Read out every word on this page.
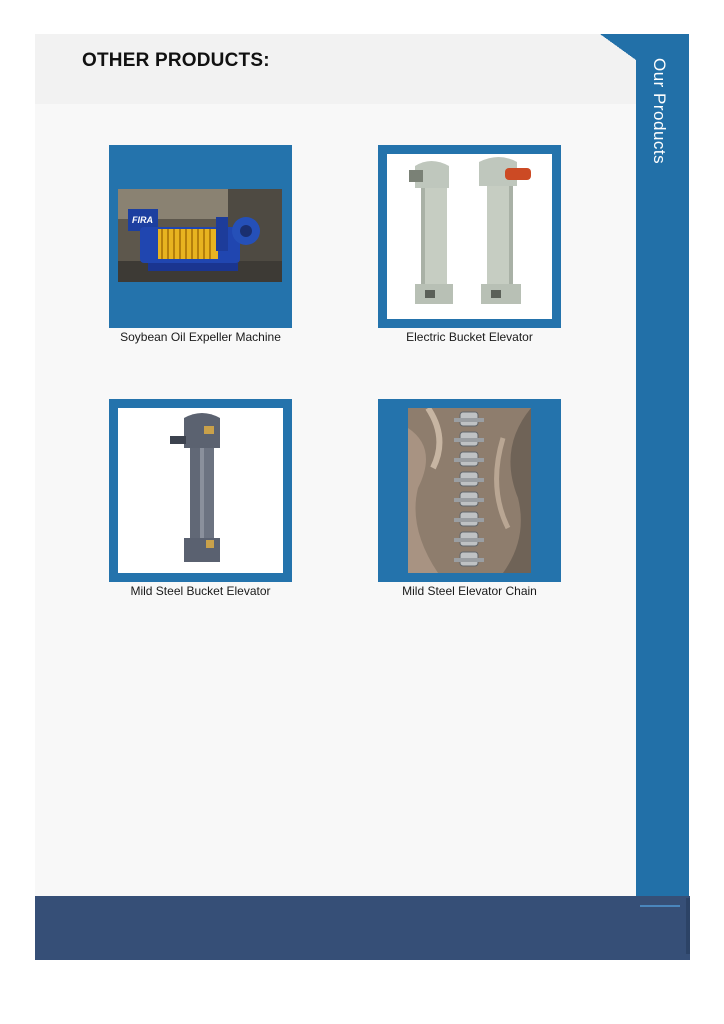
OTHER PRODUCTS:	Our Products
FIRA
Soybean Oil Expeller Machine	Electric Bucket Elevator
Mild Steel Bucket Elevator	Mild Steel Elevator Chain
